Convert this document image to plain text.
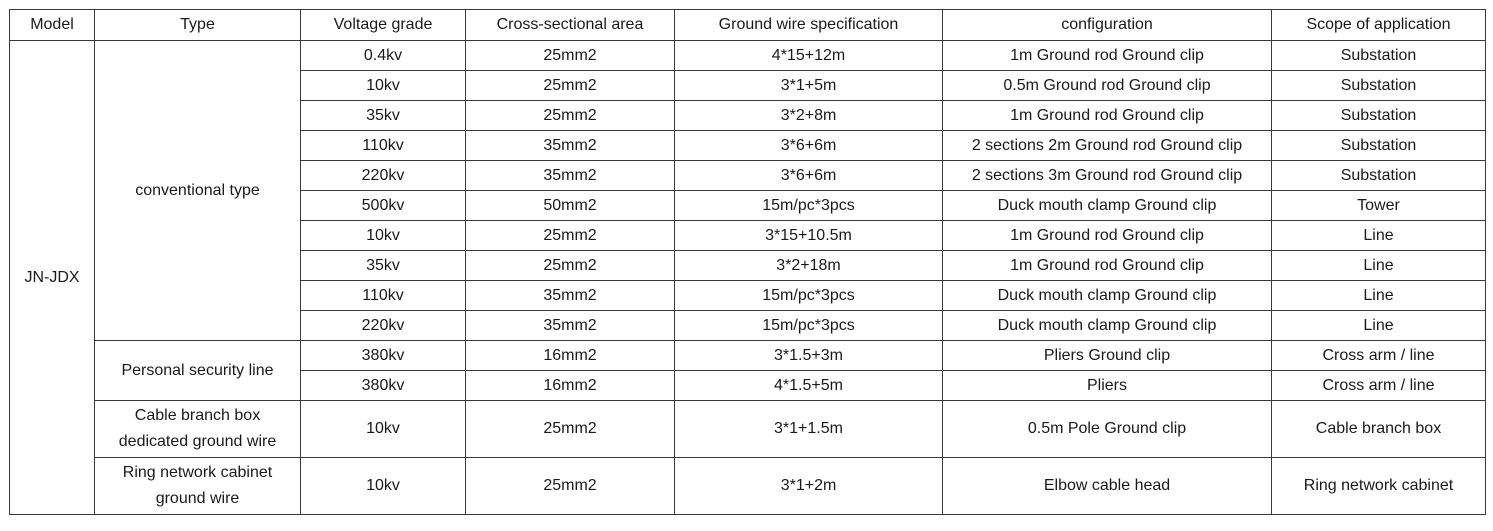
Model	Type	Voltage grade	Cross-sectional area	Ground wire specification	configuration	Scope of application
JN-JDX	conventional type	0.4kv	25mm2	4*15+12m	1m Ground rod Ground clip	Substation
		10kv	25mm2	3*1+5m	0.5m Ground rod Ground clip	Substation
		35kv	25mm2	3*2+8m	1m Ground rod Ground clip	Substation
		110kv	35mm2	3*6+6m	2 sections 2m Ground rod Ground clip	Substation
		220kv	35mm2	3*6+6m	2 sections 3m Ground rod Ground clip	Substation
		500kv	50mm2	15m/pc*3pcs	Duck mouth clamp Ground clip	Tower
		10kv	25mm2	3*15+10.5m	1m Ground rod Ground clip	Line
		35kv	25mm2	3*2+18m	1m Ground rod Ground clip	Line
		110kv	35mm2	15m/pc*3pcs	Duck mouth clamp Ground clip	Line
		220kv	35mm2	15m/pc*3pcs	Duck mouth clamp Ground clip	Line
	Personal security line	380kv	16mm2	3*1.5+3m	Pliers Ground clip	Cross arm / line
		380kv	16mm2	4*1.5+5m	Pliers	Cross arm / line
	Cable branch box dedicated ground wire	10kv	25mm2	3*1+1.5m	0.5m Pole Ground clip	Cable branch box
	Ring network cabinet ground wire	10kv	25mm2	3*1+2m	Elbow cable head	Ring network cabinet
